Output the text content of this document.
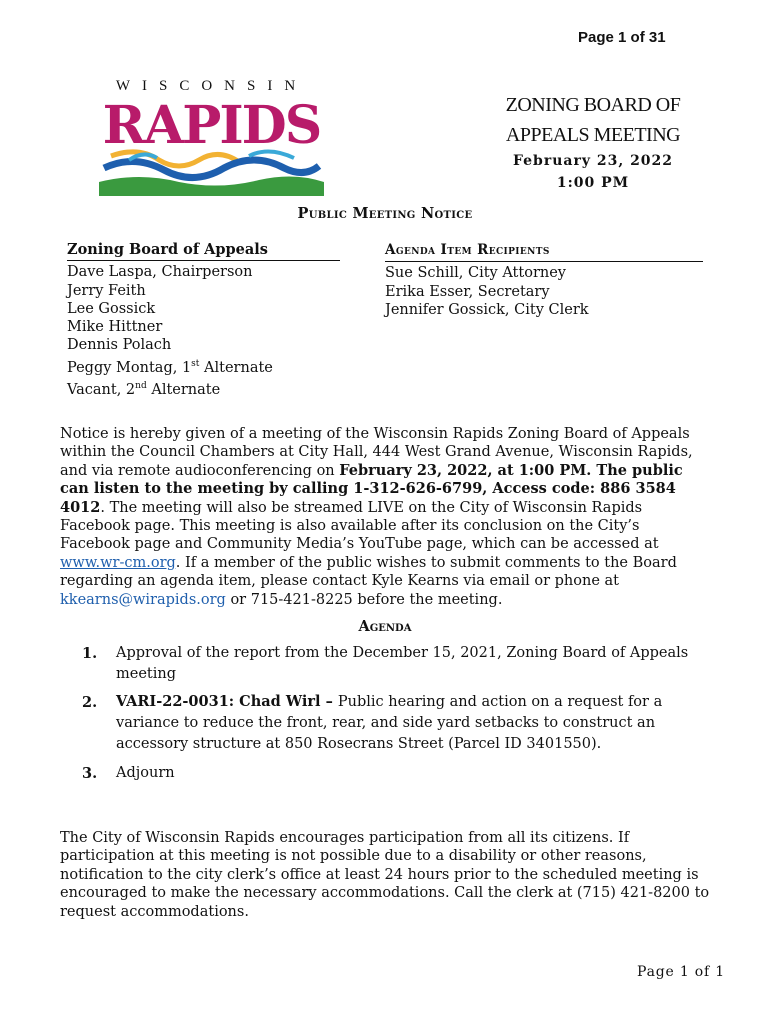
Page 1 of 31
WISCONSIN
RAPIDS	ZONING BOARD OF
APPEALS MEETING
February 23, 2022
1:00 PM
Public Meeting Notice
Zoning Board of Appeals
Dave Laspa, Chairperson
Jerry Feith
Lee Gossick
Mike Hittner
Dennis Polach
Peggy Montag, 1st Alternate
Vacant, 2nd Alternate
Agenda Item Recipients
Sue Schill, City Attorney
Erika Esser, Secretary
Jennifer Gossick, City Clerk
Notice is hereby given of a meeting of the Wisconsin Rapids Zoning Board of Appeals within the Council Chambers at City Hall, 444 West Grand Avenue, Wisconsin Rapids, and via remote audioconferencing on February 23, 2022, at 1:00 PM. The public can listen to the meeting by calling 1-312-626-6799, Access code: 886 3584 4012. The meeting will also be streamed LIVE on the City of Wisconsin Rapids Facebook page. This meeting is also available after its conclusion on the City’s Facebook page and Community Media’s YouTube page, which can be accessed at www.wr-cm.org. If a member of the public wishes to submit comments to the Board regarding an agenda item, please contact Kyle Kearns via email or phone at kkearns@wirapids.org or 715-421-8225 before the meeting.
Agenda
1. Approval of the report from the December 15, 2021, Zoning Board of Appeals meeting
2. VARI-22-0031: Chad Wirl – Public hearing and action on a request for a variance to reduce the front, rear, and side yard setbacks to construct an accessory structure at 850 Rosecrans Street (Parcel ID 3401550).
3. Adjourn
The City of Wisconsin Rapids encourages participation from all its citizens. If participation at this meeting is not possible due to a disability or other reasons, notification to the city clerk’s office at least 24 hours prior to the scheduled meeting is encouraged to make the necessary accommodations. Call the clerk at (715) 421-8200 to request accommodations.
Page 1 of 1
